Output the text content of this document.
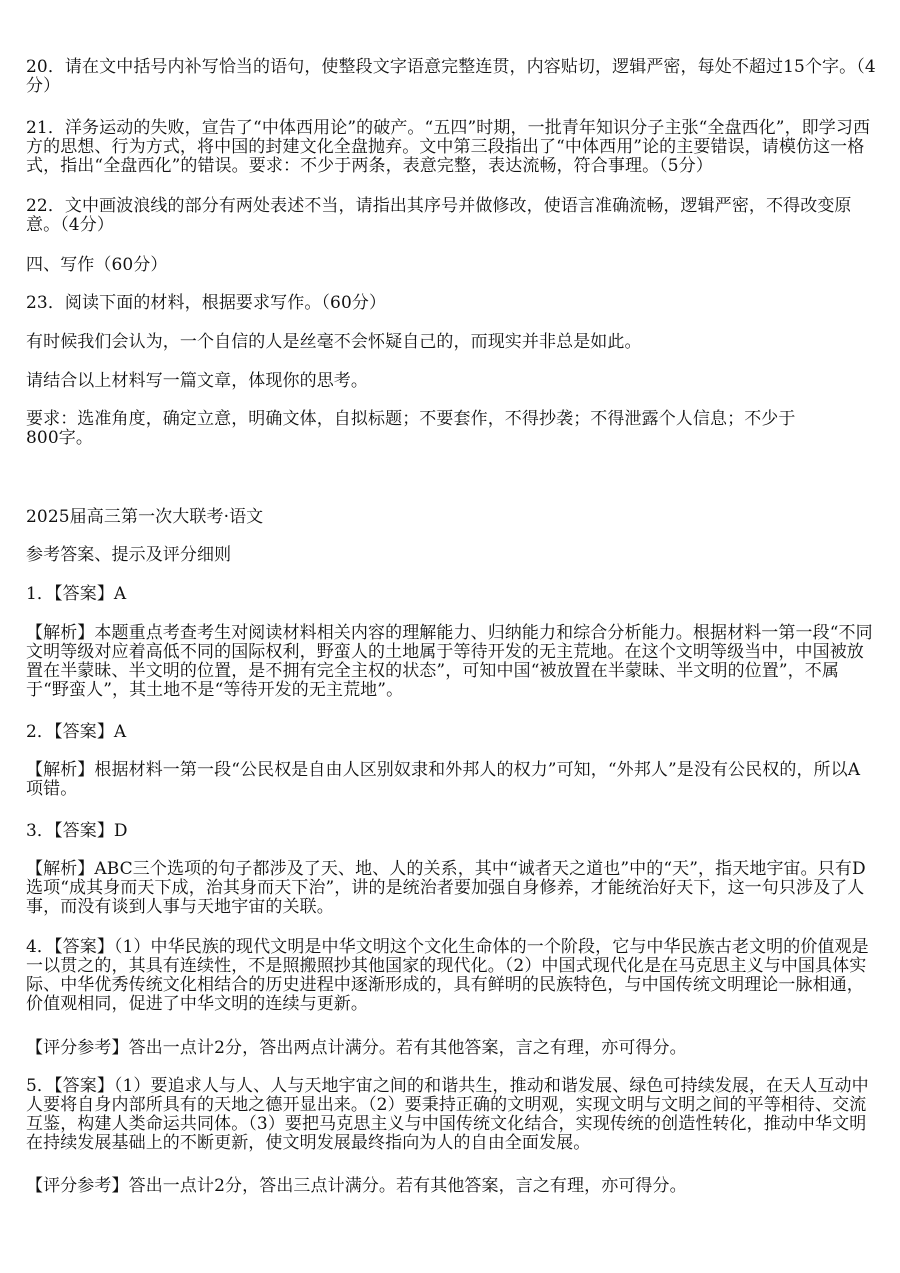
20．请在文中括号内补写恰当的语句，使整段文字语意完整连贯，内容贴切，逻辑严密，每处不超过15个字。（4分）

21．洋务运动的失败，宣告了“中体西用论”的破产。“五四”时期，一批青年知识分子主张“全盘西化”，即学习西方的思想、行为方式，将中国的封建文化全盘抛弃。文中第三段指出了“中体西用”论的主要错误，请模仿这一格式，指出“全盘西化”的错误。要求：不少于两条，表意完整，表达流畅，符合事理。（5分）

22．文中画波浪线的部分有两处表述不当，请指出其序号并做修改，使语言准确流畅，逻辑严密，不得改变原意。（4分）

四、写作（60分）

23．阅读下面的材料，根据要求写作。（60分）

有时候我们会认为，一个自信的人是丝毫不会怀疑自己的，而现实并非总是如此。

请结合以上材料写一篇文章，体现你的思考。

要求：选准角度，确定立意，明确文体，自拟标题；不要套作，不得抄袭；不得泄露个人信息；不少于800字。

2025届高三第一次大联考·语文

参考答案、提示及评分细则

1．【答案】A

【解析】本题重点考查考生对阅读材料相关内容的理解能力、归纳能力和综合分析能力。根据材料一第一段“不同文明等级对应着高低不同的国际权利，野蛮人的土地属于等待开发的无主荒地。在这个文明等级当中，中国被放置在半蒙昧、半文明的位置，是不拥有完全主权的状态”，可知中国“被放置在半蒙昧、半文明的位置”，不属于“野蛮人”，其土地不是“等待开发的无主荒地”。

2．【答案】A

【解析】根据材料一第一段“公民权是自由人区别奴隶和外邦人的权力”可知，“外邦人”是没有公民权的，所以A项错。

3．【答案】D

【解析】ABC三个选项的句子都涉及了天、地、人的关系，其中“诚者天之道也”中的“天”，指天地宇宙。只有D选项“成其身而天下成，治其身而天下治”，讲的是统治者要加强自身修养，才能统治好天下，这一句只涉及了人事，而没有谈到人事与天地宇宙的关联。

4．【答案】（1）中华民族的现代文明是中华文明这个文化生命体的一个阶段，它与中华民族古老文明的价值观是一以贯之的，其具有连续性，不是照搬照抄其他国家的现代化。（2）中国式现代化是在马克思主义与中国具体实际、中华优秀传统文化相结合的历史进程中逐渐形成的，具有鲜明的民族特色，与中国传统文明理论一脉相通，价值观相同，促进了中华文明的连续与更新。

【评分参考】答出一点计2分，答出两点计满分。若有其他答案，言之有理，亦可得分。

5．【答案】（1）要追求人与人、人与天地宇宙之间的和谐共生，推动和谐发展、绿色可持续发展，在天人互动中人要将自身内部所具有的天地之德开显出来。（2）要秉持正确的文明观，实现文明与文明之间的平等相待、交流互鉴，构建人类命运共同体。（3）要把马克思主义与中国传统文化结合，实现传统的创造性转化，推动中华文明在持续发展基础上的不断更新，使文明发展最终指向为人的自由全面发展。

【评分参考】答出一点计2分，答出三点计满分。若有其他答案，言之有理，亦可得分。
